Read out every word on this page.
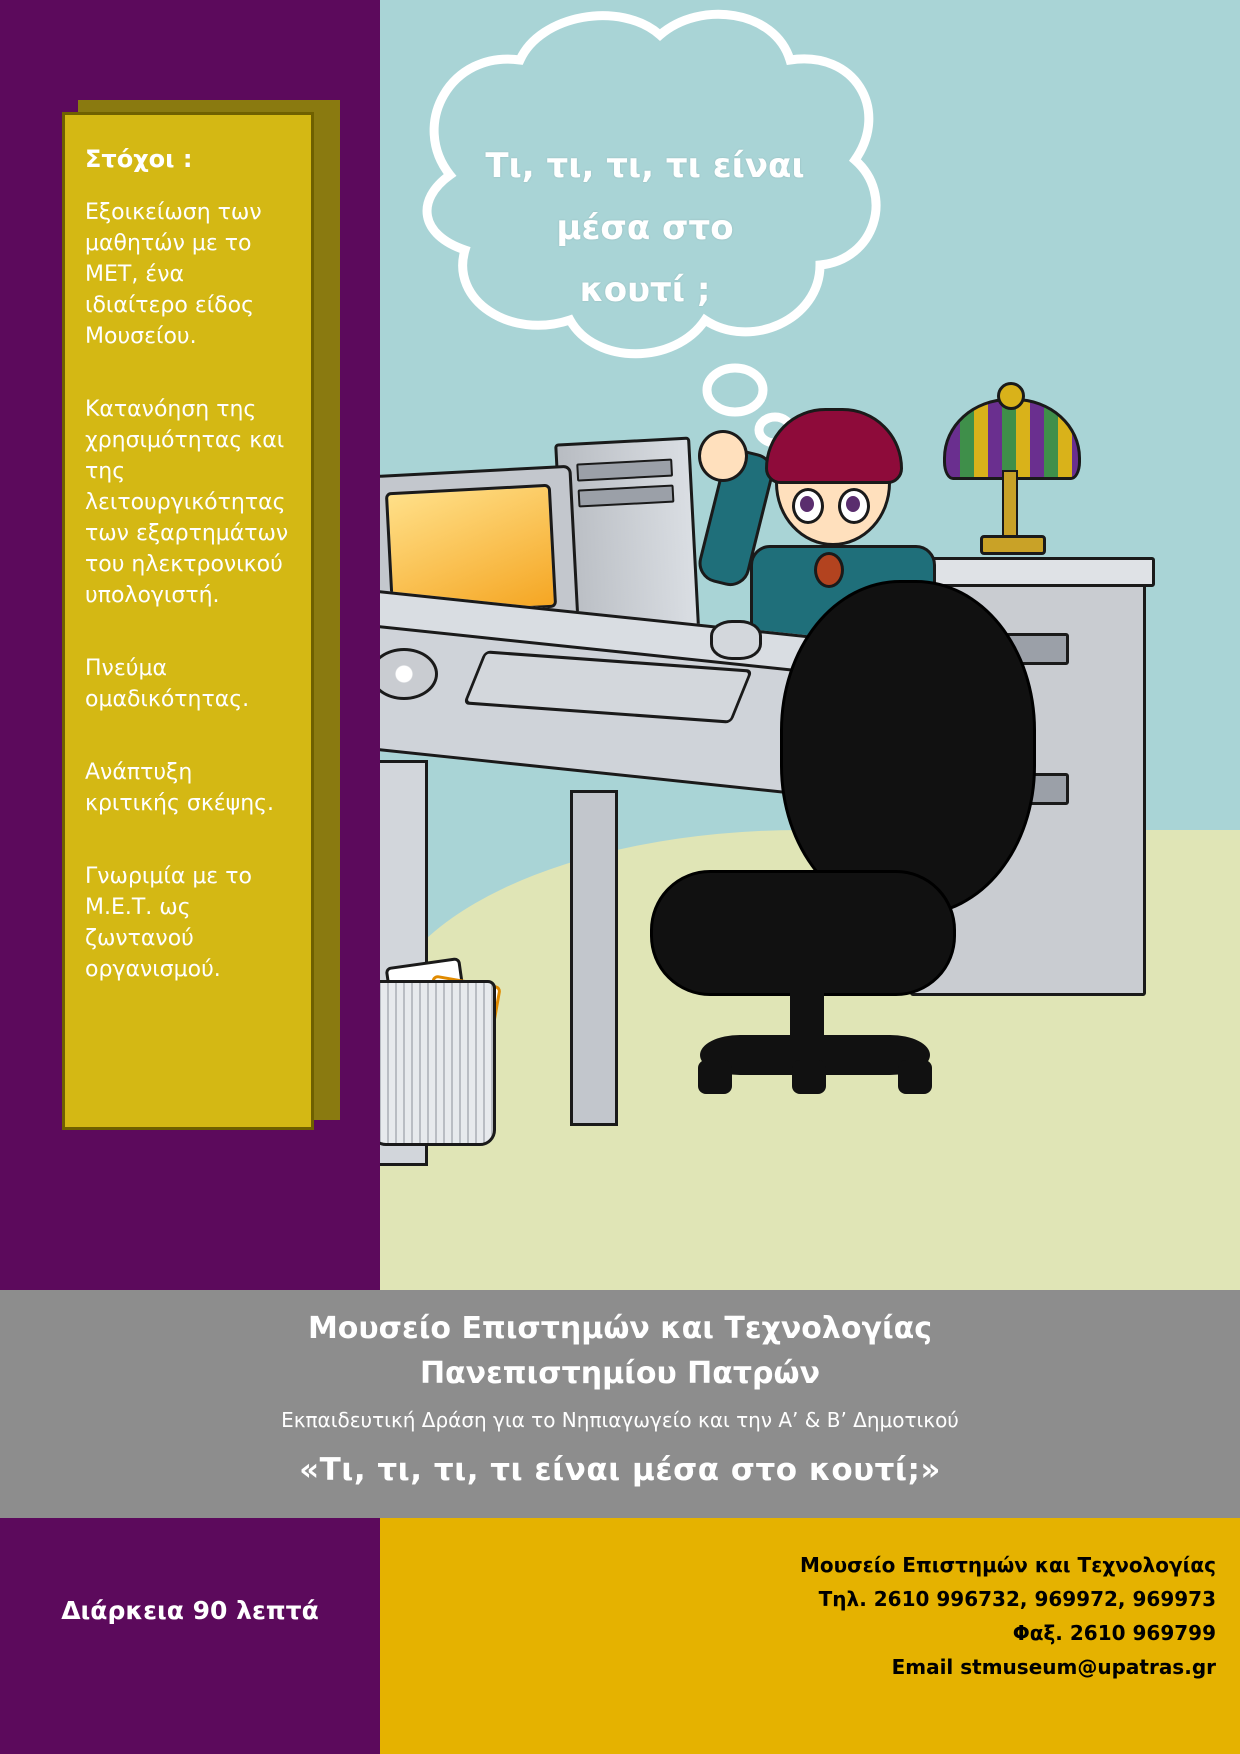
Τι, τι, τι, τι είναι
μέσα στο
κουτί ;
Στόχοι :
Εξοικείωση των μαθητών με το ΜΕΤ, ένα ιδιαίτερο είδος Μουσείου.
Κατανόηση της χρησιμότητας και της λειτουργικότητας των εξαρτημάτων του ηλεκτρονικού υπολογιστή.
Πνεύμα ομαδικότητας.
Ανάπτυξη κριτικής σκέψης.
Γνωριμία με το Μ.Ε.Τ. ως ζωντανού οργανισμού.
Μουσείο Επιστημών και Τεχνολογίας
Πανεπιστημίου Πατρών
Εκπαιδευτική Δράση για το Νηπιαγωγείο και την Α’ & Β’ Δημοτικού
«Τι, τι, τι, τι είναι μέσα στο κουτί;»
Διάρκεια 90 λεπτά
Μουσείο Επιστημών και Τεχνολογίας
Τηλ. 2610 996732, 969972, 969973
Φαξ. 2610 969799
Email stmuseum@upatras.gr
